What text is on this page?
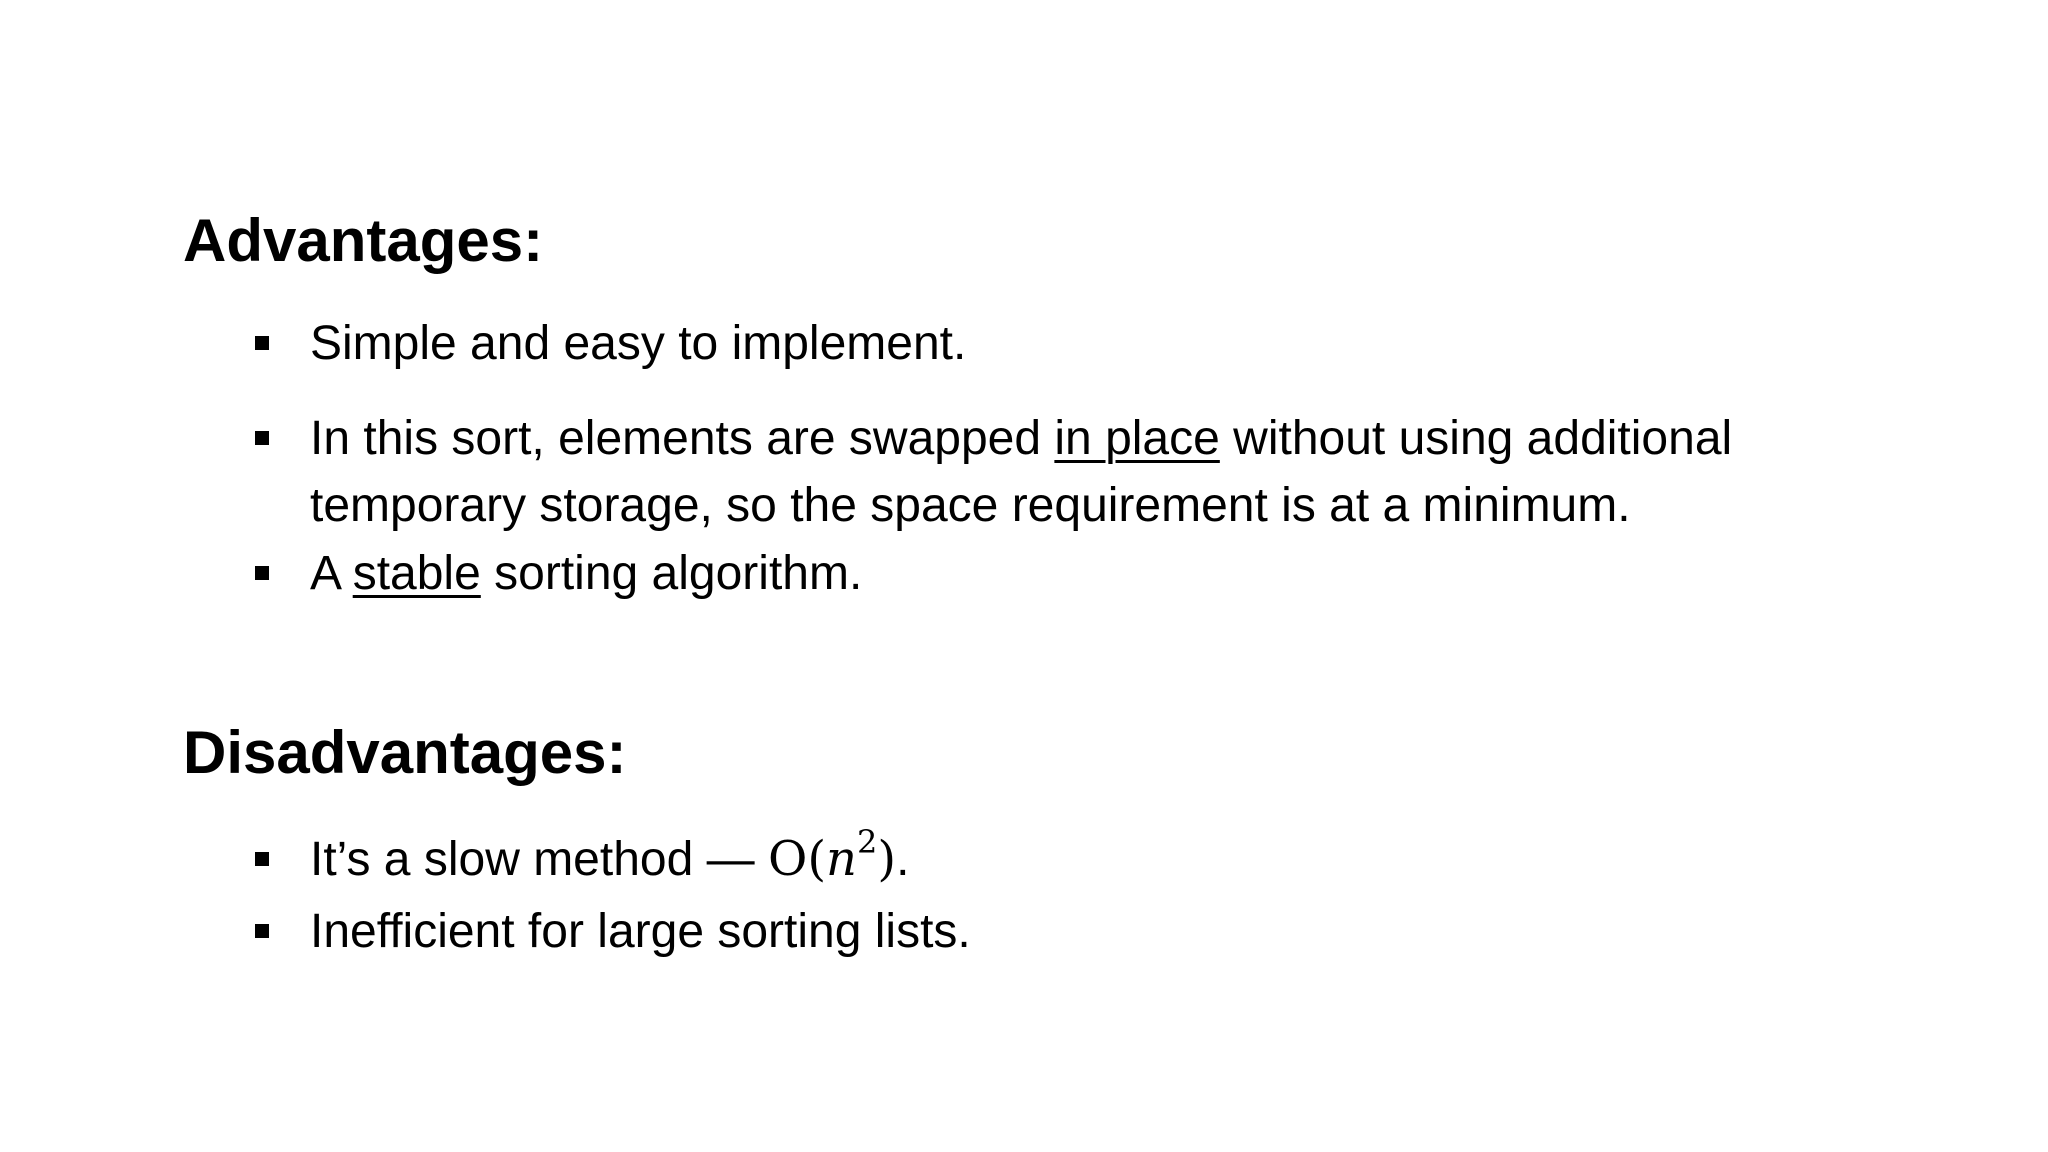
Advantages:
Simple and easy to implement.
In this sort, elements are swapped in place without using additional
temporary storage, so the space requirement is at a minimum.
A stable sorting algorithm.
Disadvantages:
It’s a slow method — $O(n^2)$.
Inefficient for large sorting lists.
